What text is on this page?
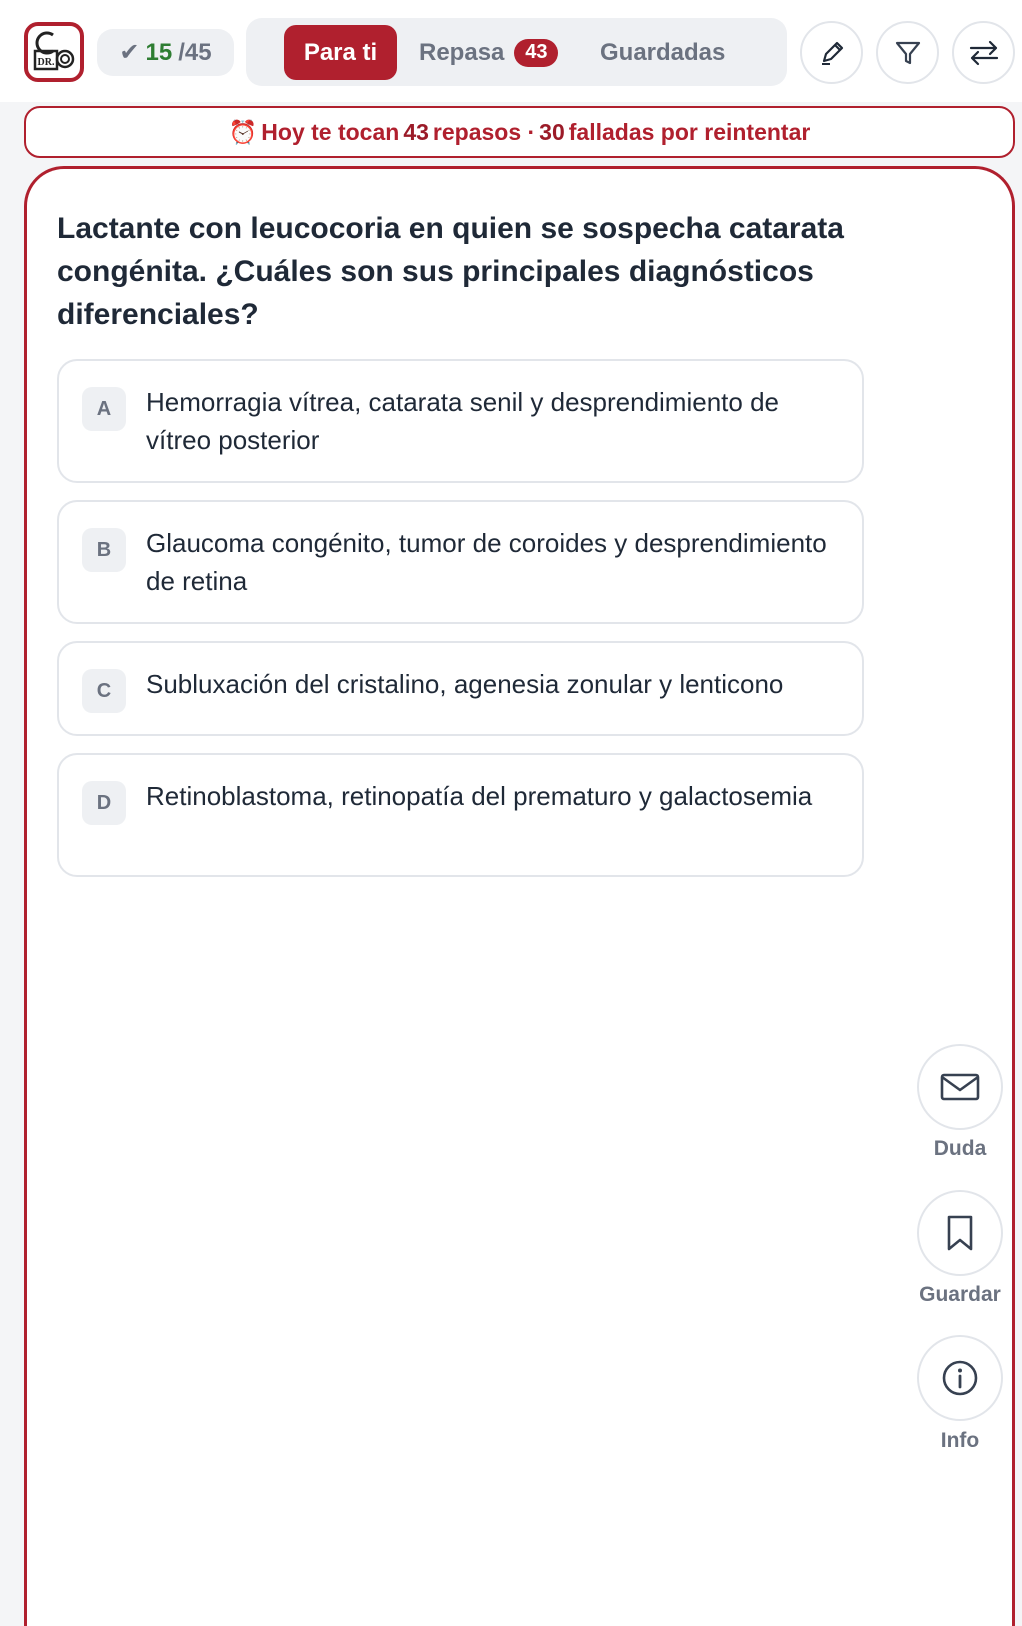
DR.	✔ 15 /45	Para ti Repasa	43	Guardadas
⏰ Hoy te tocan 43 repasos · 30 falladas por reintentar
Lactante con leucocoria en quien se sospecha catarata congénita. ¿Cuáles son sus principales diagnósticos diferenciales?
A	Hemorragia vítrea, catarata senil y desprendimiento de vítreo posterior
B	Glaucoma congénito, tumor de coroides y desprendimiento de retina
C	Subluxación del cristalino, agenesia zonular y lenticono
D	Retinoblastoma, retinopatía del prematuro y galactosemia
Duda
Guardar
Info
